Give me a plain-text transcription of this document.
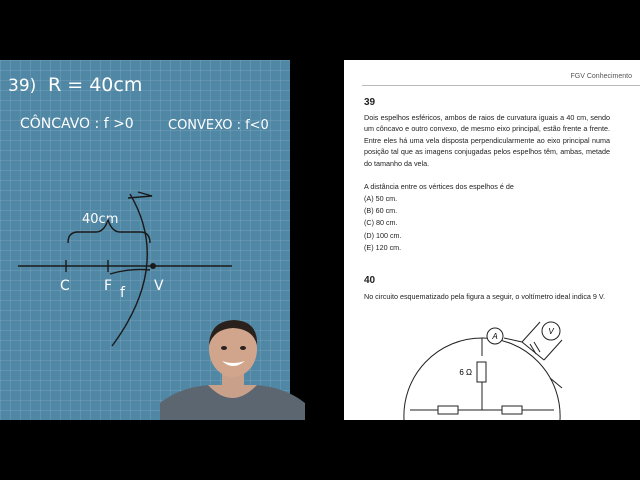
39) R = 40cm
CÔNCAVO : f >0	CONVEXO : f<0
40cm
C F f V
FGV Conhecimento
39
Dois espelhos esféricos, ambos de raios de curvatura iguais a 40 cm, sendo um côncavo e outro convexo, de mesmo eixo principal, estão frente a frente. Entre eles há uma vela disposta perpendicularmente ao eixo principal numa posição tal que as imagens conjugadas pelos espelhos têm, ambas, metade do tamanho da vela.
A distância entre os vértices dos espelhos é de
(A) 50 cm.
(B) 60 cm.
(C) 80 cm.
(D) 100 cm.
(E) 120 cm.
40
No circuito esquematizado pela figura a seguir, o voltímetro ideal indica 9 V.
A
V
6 Ω
